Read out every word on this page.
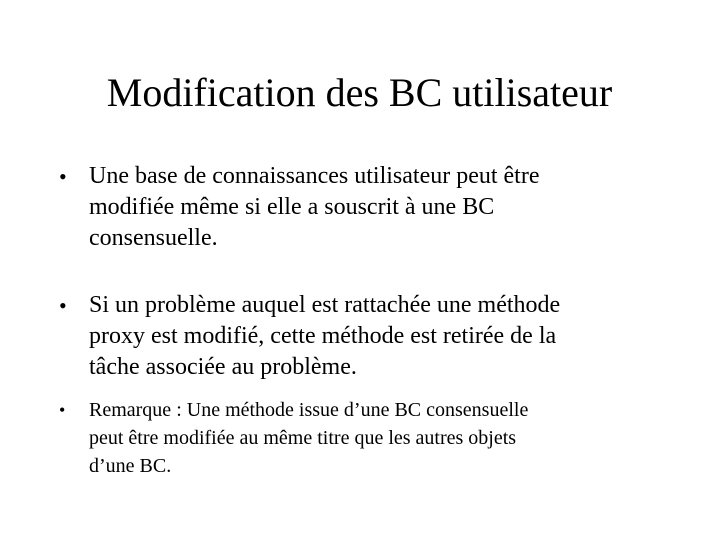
Modification des BC utilisateur
• Une base de connaissances utilisateur peut être
modifiée même si elle a souscrit à une BC
consensuelle.
• Si un problème auquel est rattachée une méthode
proxy est modifié, cette méthode est retirée de la
tâche associée au problème.
• Remarque : Une méthode issue d’une BC consensuelle
peut être modifiée au même titre que les autres objets
d’une BC.
